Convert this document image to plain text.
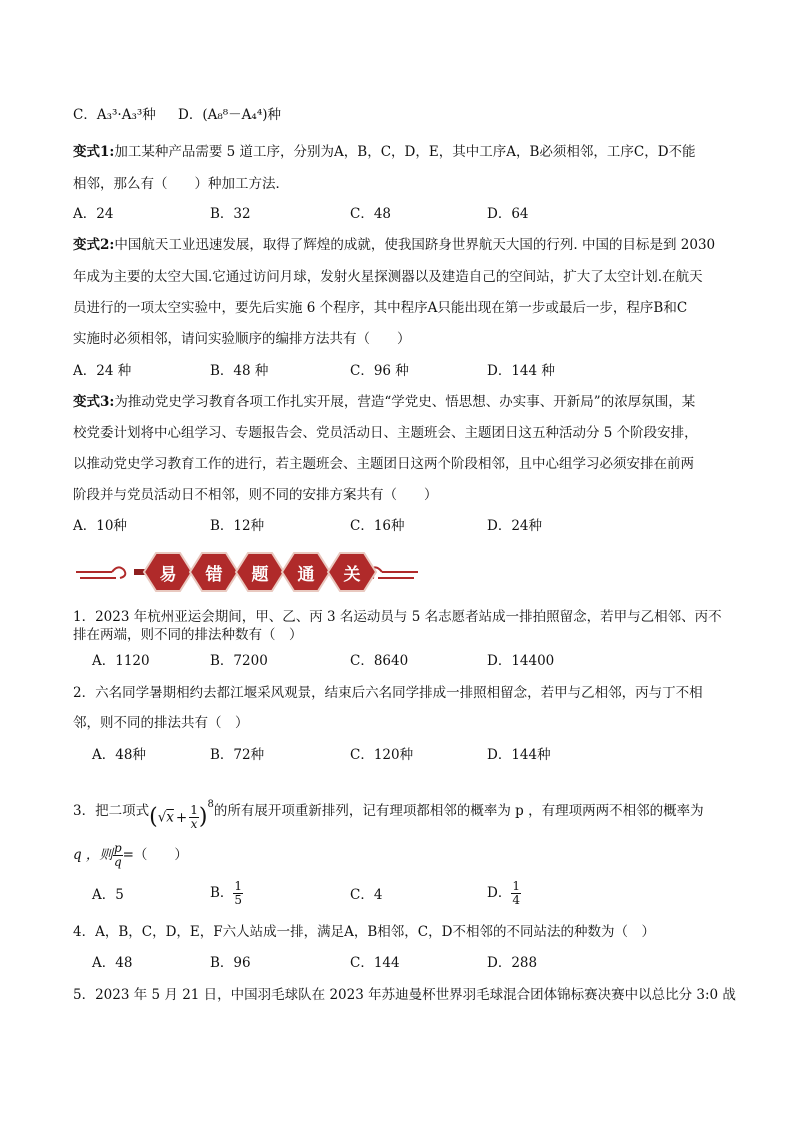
C．A₃³·A₃³种 D．(A₈⁸－A₄⁴)种
变式1:加工某种产品需要 5 道工序，分别为A，B，C，D，E，其中工序A，B必须相邻，工序C，D不能
相邻，那么有（　　）种加工方法．
A．24	B．32	C．48	D．64
变式2:中国航天工业迅速发展，取得了辉煌的成就，使我国跻身世界航天大国的行列. 中国的目标是到 2030
年成为主要的太空大国.它通过访问月球，发射火星探测器以及建造自己的空间站，扩大了太空计划.在航天
员进行的一项太空实验中，要先后实施 6 个程序，其中程序A只能出现在第一步或最后一步，程序B和C
实施时必须相邻，请问实验顺序的编排方法共有（　　）
A．24 种	B．48 种	C．96 种	D．144 种
变式3:为推动党史学习教育各项工作扎实开展，营造“学党史、悟思想、办实事、开新局”的浓厚氛围，某
校党委计划将中心组学习、专题报告会、党员活动日、主题班会、主题团日这五种活动分 5 个阶段安排，
以推动党史学习教育工作的进行，若主题班会、主题团日这两个阶段相邻，且中心组学习必须安排在前两
阶段并与党员活动日不相邻，则不同的安排方案共有（　　）
A．10种	B．12种	C．16种	D．24种
易	错	题	通	关
1．2023 年杭州亚运会期间，甲、乙、丙 3 名运动员与 5 名志愿者站成一排拍照留念，若甲与乙相邻、丙不
排在两端，则不同的排法种数有（　）
A．1120	B．7200	C．8640	D．14400
2．六名同学暑期相约去都江堰采风观景，结束后六名同学排成一排照相留念，若甲与乙相邻，丙与丁不相
邻，则不同的排法共有（　）
A．48种	B．72种	C．120种	D．144种
3．把二项式$(√x + \frac{1}{x} )^8$的所有展开项重新排列，记有理项都相邻的概率为 p ，有理项两两不相邻的概率为
q ，则 $\frac{p}{q}$ =（　　）
A．5	B． $\frac{1}{5}$	C．4	D． $\frac{1}{4}$
4．A，B，C，D，E，F六人站成一排，满足A，B相邻，C，D不相邻的不同站法的种数为（　）
A．48	B．96	C．144	D．288
5．2023 年 5 月 21 日，中国羽毛球队在 2023 年苏迪曼杯世界羽毛球混合团体锦标赛决赛中以总比分 3:0 战
